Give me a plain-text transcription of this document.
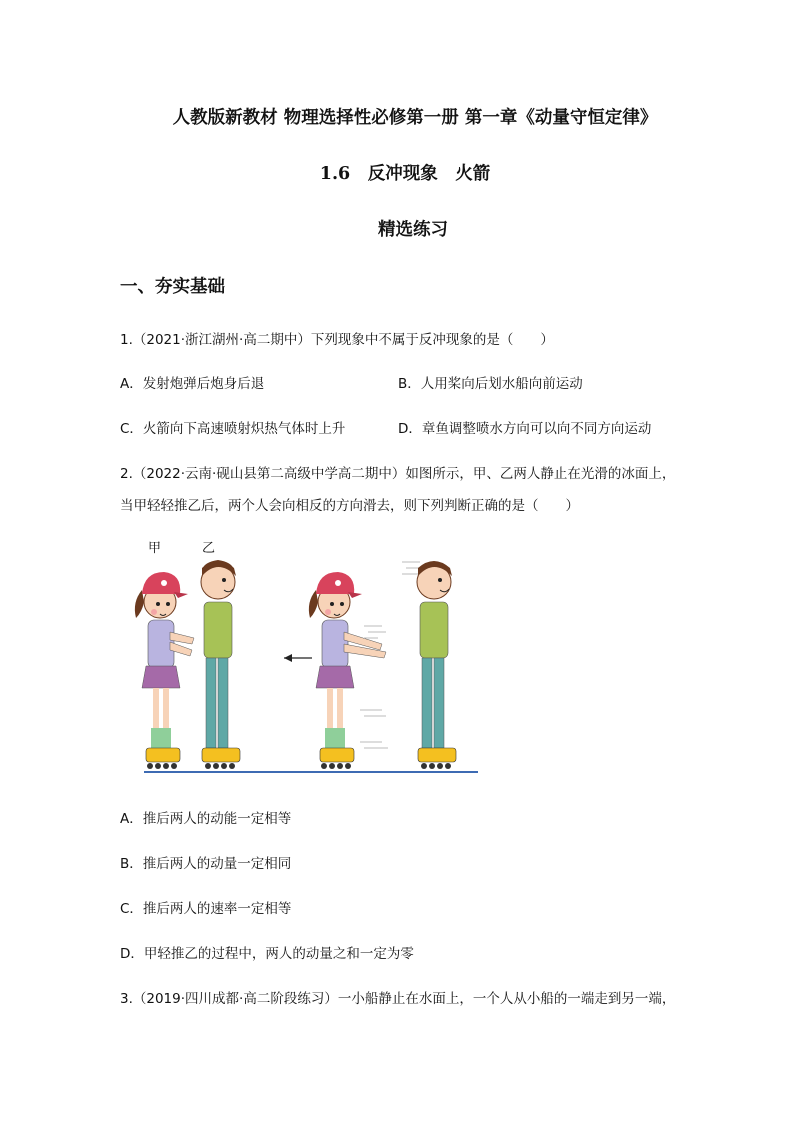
人教版新教材 物理选择性必修第一册 第一章《动量守恒定律》
1.6　反冲现象　火箭
精选练习
一、夯实基础
1.（2021·浙江湖州·高二期中）下列现象中不属于反冲现象的是（　　）
A．发射炮弹后炮身后退	B．人用桨向后划水船向前运动
C．火箭向下高速喷射炽热气体时上升	D．章鱼调整喷水方向可以向不同方向运动
2.（2022·云南·砚山县第二高级中学高二期中）如图所示，甲、乙两人静止在光滑的冰面上，
当甲轻轻推乙后，两个人会向相反的方向滑去，则下列判断正确的是（　　）
甲	乙
A．推后两人的动能一定相等
B．推后两人的动量一定相同
C．推后两人的速率一定相等
D．甲轻推乙的过程中，两人的动量之和一定为零
3.（2019·四川成都·高二阶段练习）一小船静止在水面上，一个人从小船的一端走到另一端，
